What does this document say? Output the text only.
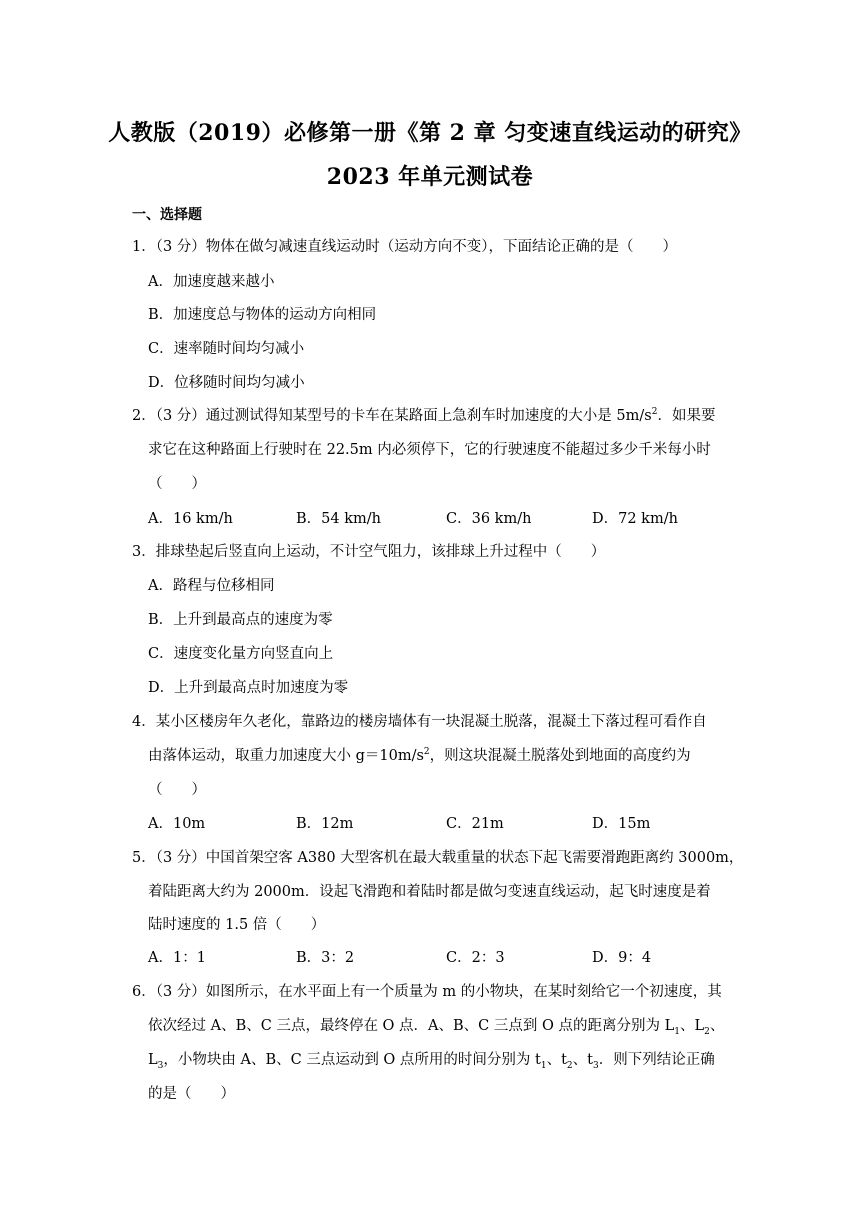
人教版（2019）必修第一册《第 2 章 匀变速直线运动的研究》
2023 年单元测试卷
一、选择题
1．（3 分）物体在做匀减速直线运动时（运动方向不变），下面结论正确的是（　　）
A．加速度越来越小
B．加速度总与物体的运动方向相同
C．速率随时间均匀减小
D．位移随时间均匀减小
2．（3 分）通过测试得知某型号的卡车在某路面上急刹车时加速度的大小是 $5m/s^2$．如果要
求它在这种路面上行驶时在 22.5m 内必须停下，它的行驶速度不能超过多少千米每小时
（　　）
A．16 km/h	B．54 km/h	C．36 km/h	D．72 km/h
3．排球垫起后竖直向上运动，不计空气阻力，该排球上升过程中（　　）
A．路程与位移相同
B．上升到最高点的速度为零
C．速度变化量方向竖直向上
D．上升到最高点时加速度为零
4．某小区楼房年久老化，靠路边的楼房墙体有一块混凝土脱落，混凝土下落过程可看作自
由落体运动，取重力加速度大小 $g=10m/s^2$，则这块混凝土脱落处到地面的高度约为
（　　）
A．10m	B．12m	C．21m	D．15m
5．（3 分）中国首架空客 A380 大型客机在最大载重量的状态下起飞需要滑跑距离约 3000m，
着陆距离大约为 2000m．设起飞滑跑和着陆时都是做匀变速直线运动，起飞时速度是着
陆时速度的 1.5 倍（　　）
A．1：1	B．3：2	C．2：3	D．9：4
6．（3 分）如图所示，在水平面上有一个质量为 m 的小物块，在某时刻给它一个初速度，其
依次经过 A、B、C 三点，最终停在 O 点．A、B、C 三点到 O 点的距离分别为 $L_1$、$L_2$、
$L_3$，小物块由 A、B、C 三点运动到 O 点所用的时间分别为 $t_1$、$t_2$、$t_3$．则下列结论正确
的是（　　）
